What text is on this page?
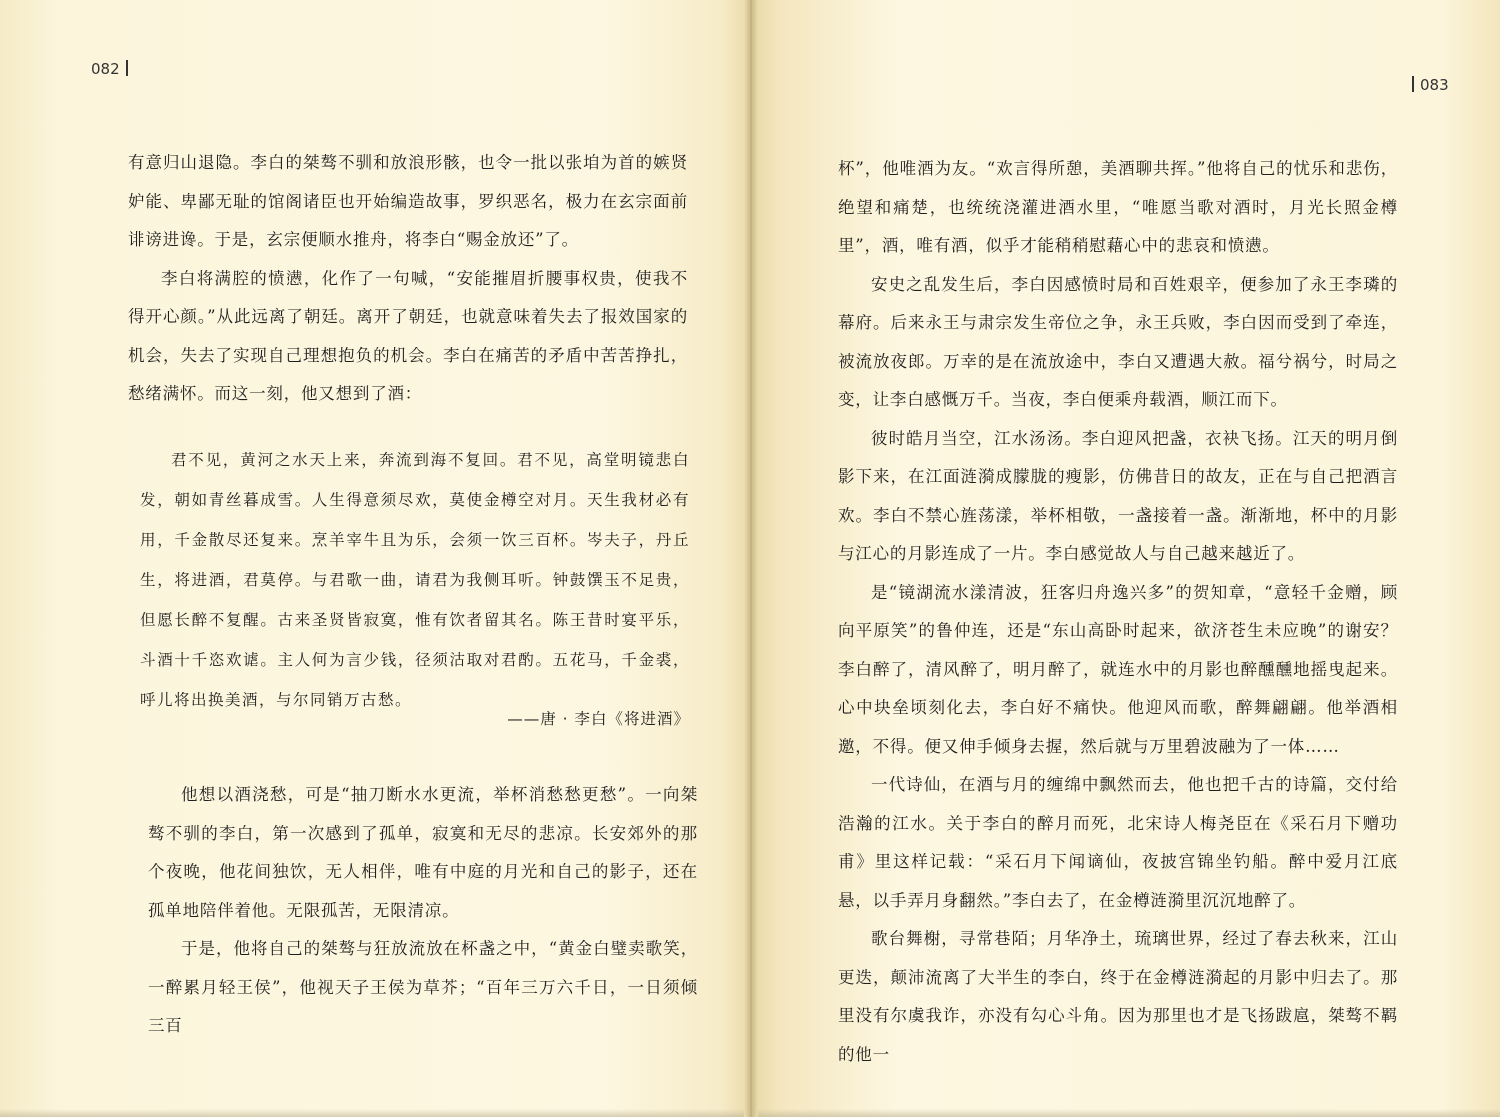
082

有意归山退隐。李白的桀骜不驯和放浪形骸，也令一批以张垍为首的嫉贤妒能、卑鄙无耻的馆阁诸臣也开始编造故事，罗织恶名，极力在玄宗面前诽谤进谗。于是，玄宗便顺水推舟，将李白“赐金放还”了。

李白将满腔的愤懑，化作了一句喊，“安能摧眉折腰事权贵，使我不得开心颜。”从此远离了朝廷。离开了朝廷，也就意味着失去了报效国家的机会，失去了实现自己理想抱负的机会。李白在痛苦的矛盾中苦苦挣扎，愁绪满怀。而这一刻，他又想到了酒：

君不见，黄河之水天上来，奔流到海不复回。君不见，高堂明镜悲白发，朝如青丝暮成雪。人生得意须尽欢，莫使金樽空对月。天生我材必有用，千金散尽还复来。烹羊宰牛且为乐，会须一饮三百杯。岑夫子，丹丘生，将进酒，君莫停。与君歌一曲，请君为我侧耳听。钟鼓馔玉不足贵，但愿长醉不复醒。古来圣贤皆寂寞，惟有饮者留其名。陈王昔时宴平乐，斗酒十千恣欢谑。主人何为言少钱，径须沽取对君酌。五花马，千金裘，呼儿将出换美酒，与尔同销万古愁。

——唐 · 李白《将进酒》

他想以酒浇愁，可是“抽刀断水水更流，举杯消愁愁更愁”。一向桀骜不驯的李白，第一次感到了孤单，寂寞和无尽的悲凉。长安郊外的那个夜晚，他花间独饮，无人相伴，唯有中庭的月光和自己的影子，还在孤单地陪伴着他。无限孤苦，无限清凉。

于是，他将自己的桀骜与狂放流放在杯盏之中，“黄金白璧卖歌笑，一醉累月轻王侯”，他视天子王侯为草芥；“百年三万六千日，一日须倾三百

083

杯”，他唯酒为友。“欢言得所憩，美酒聊共挥。”他将自己的忧乐和悲伤，绝望和痛楚，也统统浇灌进酒水里，“唯愿当歌对酒时，月光长照金樽里”，酒，唯有酒，似乎才能稍稍慰藉心中的悲哀和愤懑。

安史之乱发生后，李白因感愤时局和百姓艰辛，便参加了永王李璘的幕府。后来永王与肃宗发生帝位之争，永王兵败，李白因而受到了牵连，被流放夜郎。万幸的是在流放途中，李白又遭遇大赦。福兮祸兮，时局之变，让李白感慨万千。当夜，李白便乘舟载酒，顺江而下。

彼时皓月当空，江水汤汤。李白迎风把盏，衣袂飞扬。江天的明月倒影下来，在江面涟漪成朦胧的瘦影，仿佛昔日的故友，正在与自己把酒言欢。李白不禁心旌荡漾，举杯相敬，一盏接着一盏。渐渐地，杯中的月影与江心的月影连成了一片。李白感觉故人与自己越来越近了。

是“镜湖流水漾清波，狂客归舟逸兴多”的贺知章，“意轻千金赠，顾向平原笑”的鲁仲连，还是“东山高卧时起来，欲济苍生未应晚”的谢安？李白醉了，清风醉了，明月醉了，就连水中的月影也醉醺醺地摇曳起来。心中块垒顷刻化去，李白好不痛快。他迎风而歌，醉舞翩翩。他举酒相邀，不得。便又伸手倾身去握，然后就与万里碧波融为了一体……

一代诗仙，在酒与月的缠绵中飘然而去，他也把千古的诗篇，交付给浩瀚的江水。关于李白的醉月而死，北宋诗人梅尧臣在《采石月下赠功甫》里这样记载：“采石月下闻谪仙，夜披宫锦坐钓船。醉中爱月江底悬，以手弄月身翻然。”李白去了，在金樽涟漪里沉沉地醉了。

歌台舞榭，寻常巷陌；月华净土，琉璃世界，经过了春去秋来，江山更迭，颠沛流离了大半生的李白，终于在金樽涟漪起的月影中归去了。那里没有尔虞我诈，亦没有勾心斗角。因为那里也才是飞扬跋扈，桀骜不羁的他一
